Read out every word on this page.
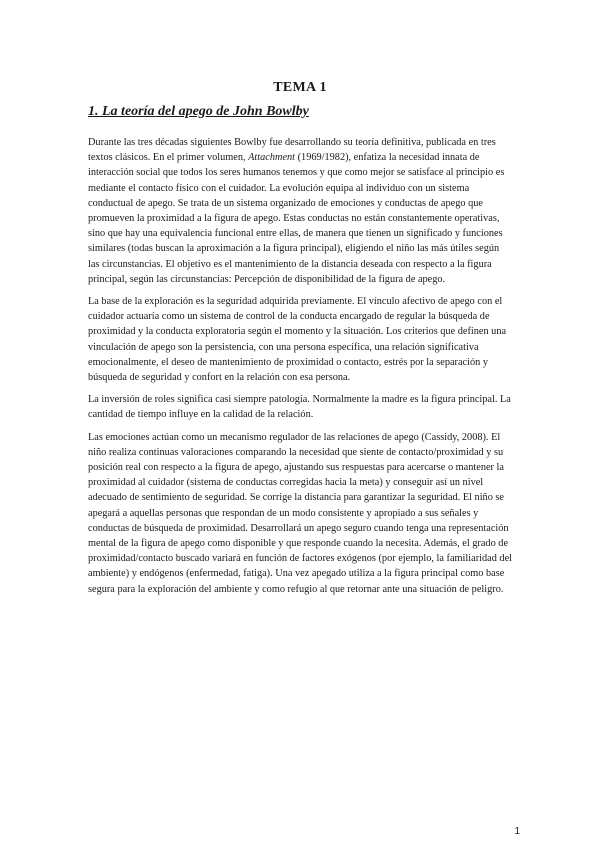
TEMA 1
1. La teoría del apego de John Bowlby

Durante las tres décadas siguientes Bowlby fue desarrollando su teoría definitiva, publicada en tres textos clásicos. En el primer volumen, Attachment (1969/1982), enfatiza la necesidad innata de interacción social que todos los seres humanos tenemos y que como mejor se satisface al principio es mediante el contacto físico con el cuidador. La evolución equipa al individuo con un sistema conductual de apego. Se trata de un sistema organizado de emociones y conductas de apego que promueven la proximidad a la figura de apego. Estas conductas no están constantemente operativas, sino que hay una equivalencia funcional entre ellas, de manera que tienen un significado y funciones similares (todas buscan la aproximación a la figura principal), eligiendo el niño las más útiles según las circunstancias. El objetivo es el mantenimiento de la distancia deseada con respecto a la figura principal, según las circunstancias: Percepción de disponibilidad de la figura de apego.

La base de la exploración es la seguridad adquirida previamente. El vínculo afectivo de apego con el cuidador actuaría como un sistema de control de la conducta encargado de regular la búsqueda de proximidad y la conducta exploratoria según el momento y la situación. Los criterios que definen una vinculación de apego son la persistencia, con una persona específica, una relación significativa emocionalmente, el deseo de mantenimiento de proximidad o contacto, estrés por la separación y búsqueda de seguridad y confort en la relación con esa persona.

La inversión de roles significa casi siempre patología. Normalmente la madre es la figura principal. La cantidad de tiempo influye en la calidad de la relación.

Las emociones actúan como un mecanismo regulador de las relaciones de apego (Cassidy, 2008). El niño realiza continuas valoraciones comparando la necesidad que siente de contacto/proximidad y su posición real con respecto a la figura de apego, ajustando sus respuestas para acercarse o mantener la proximidad al cuidador (sistema de conductas corregidas hacia la meta) y conseguir así un nivel adecuado de sentimiento de seguridad. Se corrige la distancia para garantizar la seguridad. El niño se apegará a aquellas personas que respondan de un modo consistente y apropiado a sus señales y conductas de búsqueda de proximidad. Desarrollará un apego seguro cuando tenga una representación mental de la figura de apego como disponible y que responde cuando la necesita. Además, el grado de proximidad/contacto buscado variará en función de factores exógenos (por ejemplo, la familiaridad del ambiente) y endógenos (enfermedad, fatiga). Una vez apegado utiliza a la figura principal como base segura para la exploración del ambiente y como refugio al que retornar ante una situación de peligro.

1
